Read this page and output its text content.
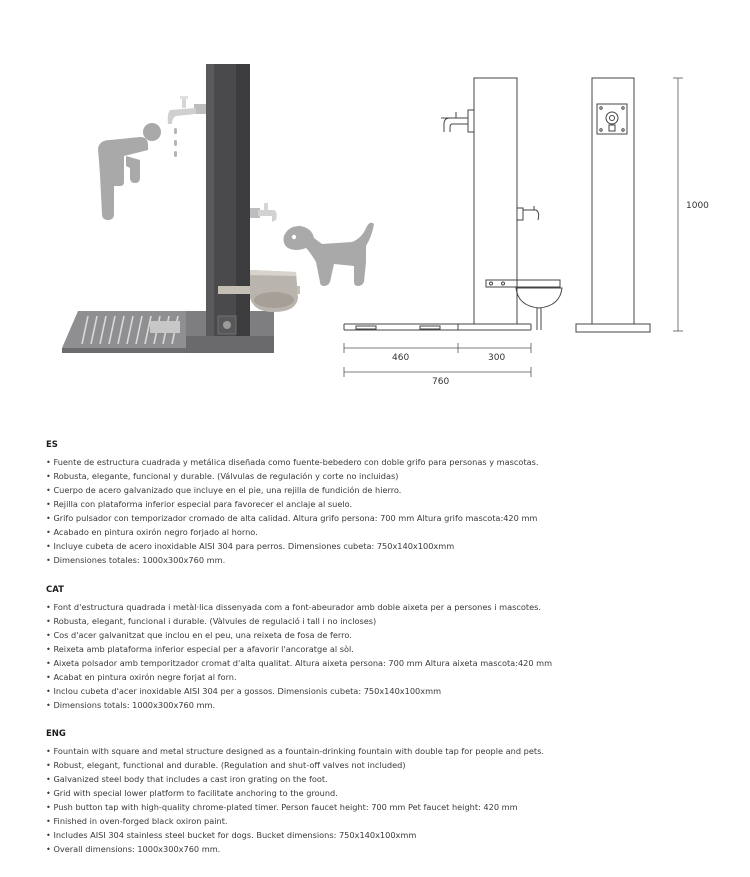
1000
460	300
760
ES
• Fuente de estructura cuadrada y metálica diseñada como fuente-bebedero con doble grifo para personas y mascotas.
• Robusta, elegante, funcional y durable. (Válvulas de regulación y corte no incluidas)
• Cuerpo de acero galvanizado que incluye en el pie, una rejilla de fundición de hierro.
• Rejilla con plataforma inferior especial para favorecer el anclaje al suelo.
• Grifo pulsador con temporizador cromado de alta calidad. Altura grifo persona: 700 mm Altura grifo mascota:420 mm
• Acabado en pintura oxirón negro forjado al horno.
• Incluye cubeta de acero inoxidable AISI 304 para perros. Dimensiones cubeta: 750x140x100xmm
• Dimensiones totales: 1000x300x760 mm.
CAT
• Font d'estructura quadrada i metàl·lica dissenyada com a font-abeurador amb doble aixeta per a persones i mascotes.
• Robusta, elegant, funcional i durable. (Vàlvules de regulació i tall i no incloses)
• Cos d'acer galvanitzat que inclou en el peu, una reixeta de fosa de ferro.
• Reixeta amb plataforma inferior especial per a afavorir l'ancoratge al sòl.
• Aixeta polsador amb temporitzador cromat d'alta qualitat. Altura aixeta persona: 700 mm Altura aixeta mascota:420 mm
• Acabat en pintura oxirón negre forjat al forn.
• Inclou cubeta d'acer inoxidable AISI 304 per a gossos. Dimensionis cubeta: 750x140x100xmm
• Dimensions totals: 1000x300x760 mm.
ENG
• Fountain with square and metal structure designed as a fountain-drinking fountain with double tap for people and pets.
• Robust, elegant, functional and durable. (Regulation and shut-off valves not included)
• Galvanized steel body that includes a cast iron grating on the foot.
• Grid with special lower platform to facilitate anchoring to the ground.
• Push button tap with high-quality chrome-plated timer. Person faucet height: 700 mm Pet faucet height: 420 mm
• Finished in oven-forged black oxiron paint.
• Includes AISI 304 stainless steel bucket for dogs. Bucket dimensions: 750x140x100xmm
• Overall dimensions: 1000x300x760 mm.
